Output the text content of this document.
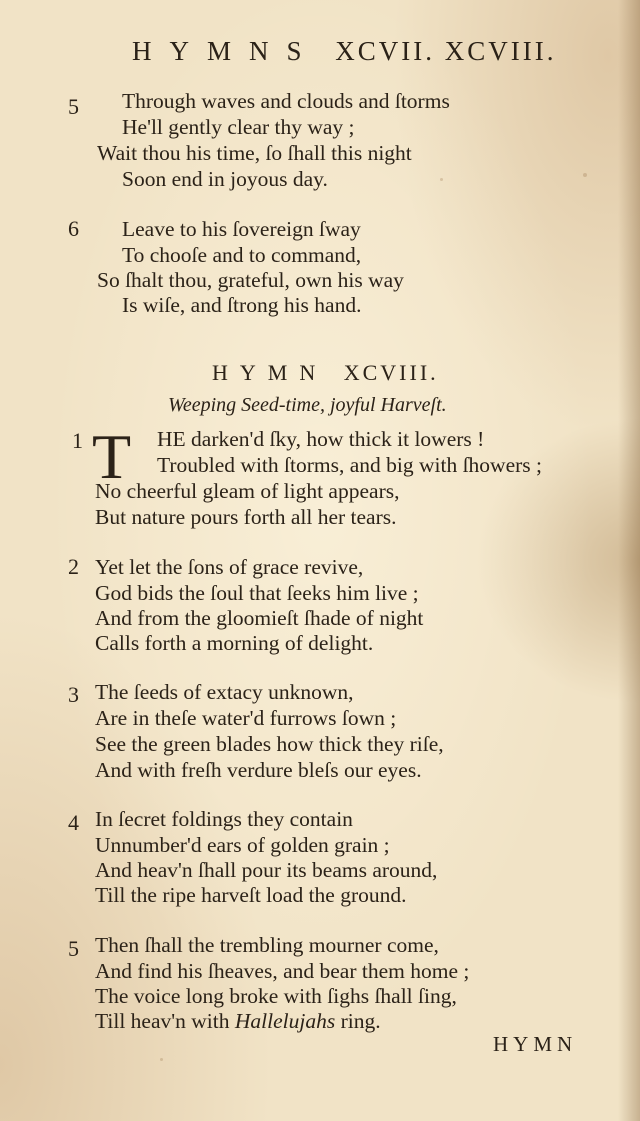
HYMNS XCVII. XCVIII.
5 Through waves and clouds and ſtorms
He'll gently clear thy way ;
Wait thou his time, ſo ſhall this night
Soon end in joyous day.
6 Leave to his ſovereign ſway
To chooſe and to command,
So ſhalt thou, grateful, own his way
Is wiſe, and ſtrong his hand.
HYMN XCVIII.
Weeping Seed-time, joyful Harveſt.
1 T HE darken'd ſky, how thick it lowers !
Troubled with ſtorms, and big with ſhowers ;
No cheerful gleam of light appears,
But nature pours forth all her tears.
2 Yet let the ſons of grace revive,
God bids the ſoul that ſeeks him live ;
And from the gloomieſt ſhade of night
Calls forth a morning of delight.
3 The ſeeds of extacy unknown,
Are in theſe water'd furrows ſown ;
See the green blades how thick they riſe,
And with freſh verdure bleſs our eyes.
4 In ſecret foldings they contain
Unnumber'd ears of golden grain ;
And heav'n ſhall pour its beams around,
Till the ripe harveſt load the ground.
5 Then ſhall the trembling mourner come,
And find his ſheaves, and bear them home ;
The voice long broke with ſighs ſhall ſing,
Till heav'n with Hallelujahs ring.
HYMN
